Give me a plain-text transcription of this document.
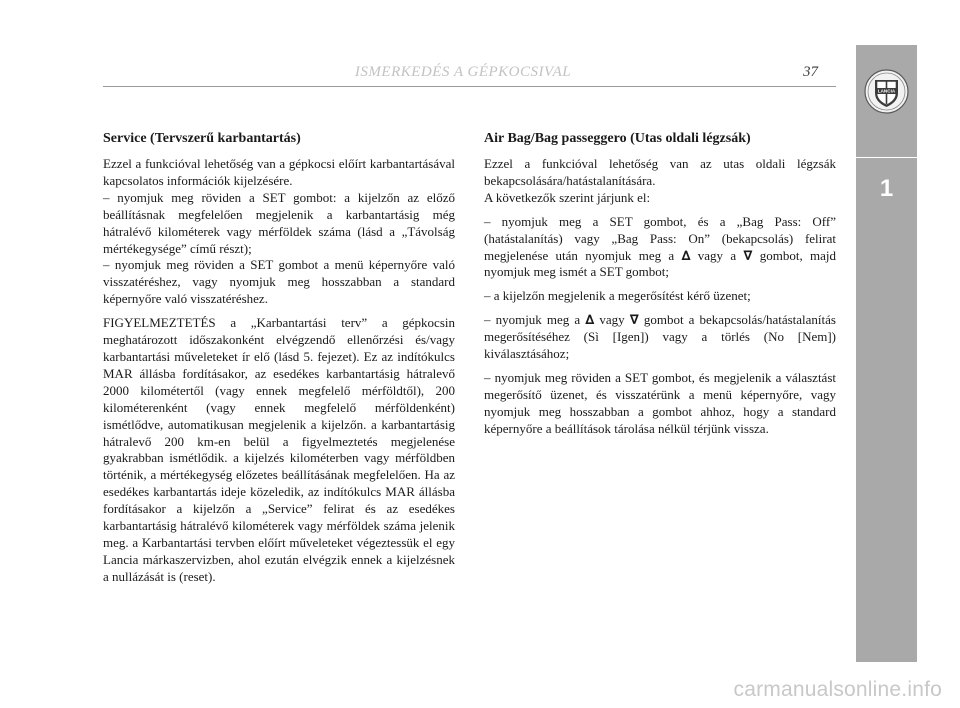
ISMERKEDÉS A GÉPKOCSIVAL	37
LANCIA
1
Service (Tervszerű karbantartás)

Ezzel a funkcióval lehetőség van a gépkocsi előírt karbantartásával kapcsolatos információk kijelzésére.
– nyomjuk meg röviden a SET gombot: a kijelzőn az előző beállításnak megfelelően megjelenik a karbantartásig még hátralévő kilométerek vagy mérföldek száma (lásd a „Távolság mértékegysége” című részt);
– nyomjuk meg röviden a SET gombot a menü képernyőre való visszatéréshez, vagy nyomjuk meg hosszabban a standard képernyőre való visszatéréshez.

FIGYELMEZTETÉS a „Karbantartási terv” a gépkocsin meghatározott időszakonként elvégzendő ellenőrzési és/vagy karbantartási műveleteket ír elő (lásd 5. fejezet). Ez az indítókulcs MAR állásba fordításakor, az esedékes karbantartásig hátralevő 2000 kilométertől (vagy ennek megfelelő mérföldtől), 200 kilométerenként (vagy ennek megfelelő mérföldenként) ismétlődve, automatikusan megjelenik a kijelzőn. a karbantartásig hátralevő 200 km-en belül a figyelmeztetés megjelenése gyakrabban ismétlődik. a kijelzés kilométerben vagy mérföldben történik, a mértékegység előzetes beállításának megfelelően. Ha az esedékes karbantartás ideje közeledik, az indítókulcs MAR állásba fordításakor a kijelzőn a „Service” felirat és az esedékes karbantartásig hátralévő kilométerek vagy mérföldek száma jelenik meg. a Karbantartási tervben előírt műveleteket végeztessük el egy Lancia márkaszervizben, ahol ezután elvégzik ennek a kijelzésnek a nullázását is (reset).

Air Bag/Bag passeggero (Utas oldali légzsák)

Ezzel a funkcióval lehetőség van az utas oldali légzsák bekapcsolására/hatástalanítására.
A következők szerint járjunk el:

– nyomjuk meg a SET gombot, és a „Bag Pass: Off” (hatástalanítás) vagy „Bag Pass: On” (bekapcsolás) felirat megjelenése után nyomjuk meg a ∆ vagy a ∇ gombot, majd nyomjuk meg ismét a SET gombot;

– a kijelzőn megjelenik a megerősítést kérő üzenet;

– nyomjuk meg a ∆ vagy ∇ gombot a bekapcsolás/hatástalanítás megerősítéséhez (Sì [Igen]) vagy a törlés (No [Nem]) kiválasztásához;

– nyomjuk meg röviden a SET gombot, és megjelenik a választást megerősítő üzenet, és visszatérünk a menü képernyőre, vagy nyomjuk meg hosszabban a gombot ahhoz, hogy a standard képernyőre a beállítások tárolása nélkül térjünk vissza.

carmanualsonline.info
